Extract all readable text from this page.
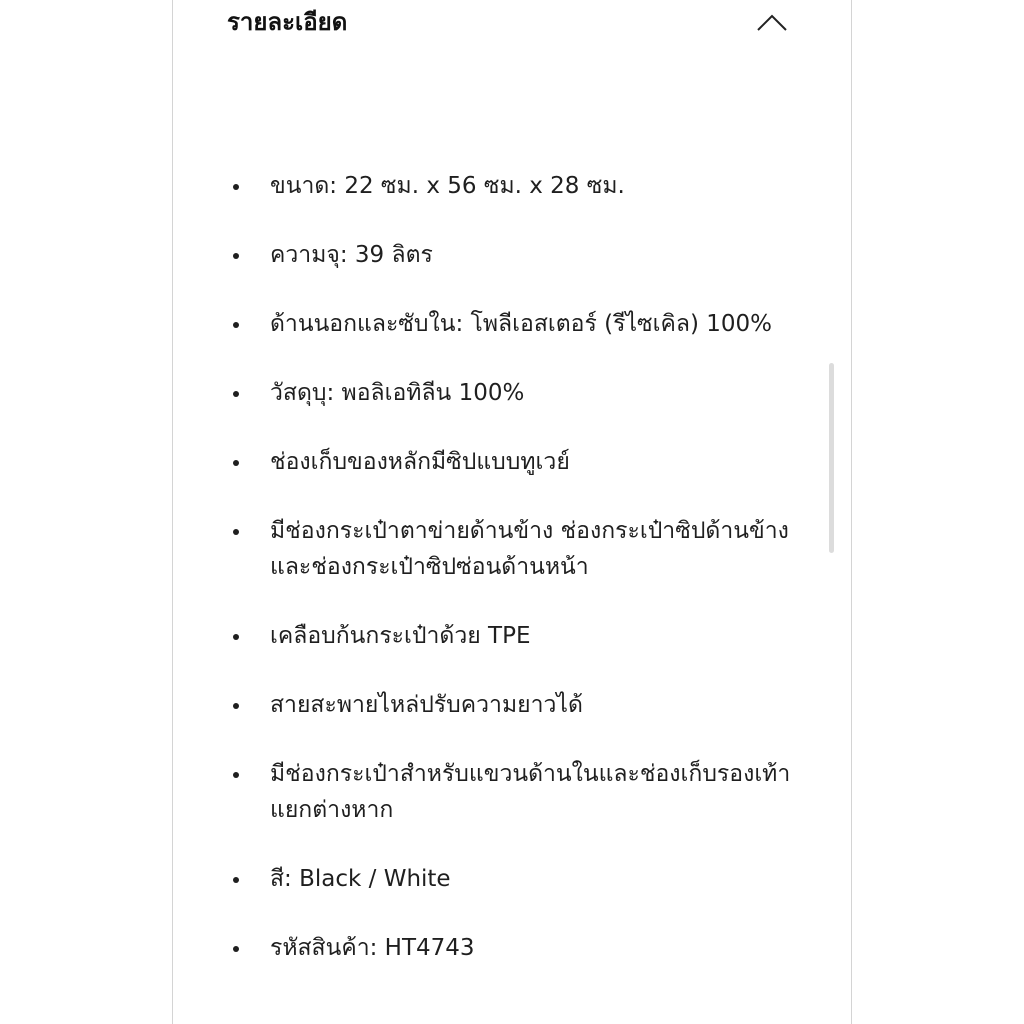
รายละเอียด
ขนาด: 22 ซม. x 56 ซม. x 28 ซม.
ความจุ: 39 ลิตร
ด้านนอกและซับใน: โพลีเอสเตอร์ (รีไซเคิล) 100%
วัสดุบุ: พอลิเอทิลีน 100%
ช่องเก็บของหลักมีซิปแบบทูเวย์
มีช่องกระเป๋าตาข่ายด้านข้าง ช่องกระเป๋าซิปด้านข้าง และช่องกระเป๋าซิปซ่อนด้านหน้า
เคลือบก้นกระเป๋าด้วย TPE
สายสะพายไหล่ปรับความยาวได้
มีช่องกระเป๋าสำหรับแขวนด้านในและช่องเก็บรองเท้าแยกต่างหาก
สี: Black / White
รหัสสินค้า: HT4743
